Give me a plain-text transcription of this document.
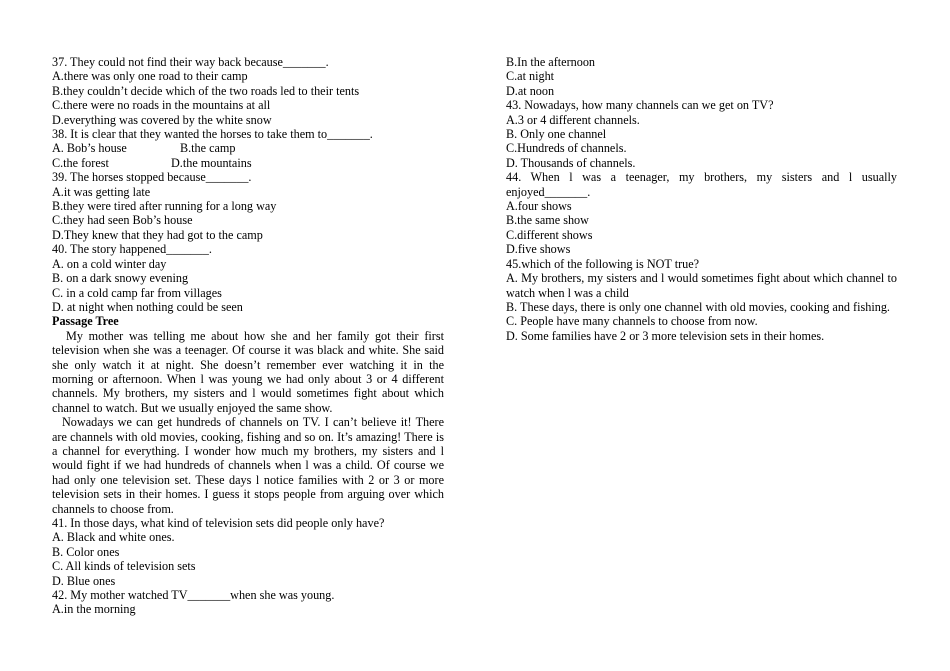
37. They could not find their way back because_______.

A.there was only one road to their camp

B.they couldn’t decide which of the two roads led to their tents

C.there were no roads in the mountains at all

D.everything was covered by the white snow

38. It is clear that they wanted the horses to take them to_______.

A. Bob’s house	B.the camp

C.the forest	D.the mountains

39. The horses stopped because_______.

A.it was getting late

B.they were tired after running for a long way

C.they had seen Bob’s house

D.They knew that they had got to the camp

40. The story happened_______.

A. on a cold winter day

B. on a dark snowy evening

C. in a cold camp far from villages

D. at night when nothing could be seen

Passage Tree

My mother was telling me about how she and her family got their first television when she was a teenager. Of course it was black and white. She said she only watch it at night. She doesn’t remember ever watching it in the morning or afternoon. When l was young we had only about 3 or 4 different channels. My brothers, my sisters and l would sometimes fight about which channel to watch. But we usually enjoyed the same show.

Nowadays we can get hundreds of channels on TV. I can’t believe it! There are channels with old movies, cooking, fishing and so on. It’s amazing! There is a channel for everything. I wonder how much my brothers, my sisters and l would fight if we had hundreds of channels when l was a child. Of course we had only one television set. These days l notice families with 2 or 3 or more television sets in their homes. I guess it stops people from arguing over which channels to choose from.

41. In those days, what kind of television sets did people only have?

A. Black and white ones.

B. Color ones

C. All kinds of television sets

D. Blue ones

42. My mother watched TV_______when she was young.

A.in the morning

B.In the afternoon

C.at night

D.at noon

43. Nowadays, how many channels can we get on TV?

A.3 or 4 different channels.

B. Only one channel

C.Hundreds of channels.

D. Thousands of channels.

44. When l was a teenager, my brothers, my sisters and l usually enjoyed_______.

A.four shows

B.the same show

C.different shows

D.five shows

45.which of the following is NOT true?

A. My brothers, my sisters and l would sometimes fight about which channel to watch when l was a child

B. These days, there is only one channel with old movies, cooking and fishing.

C. People have many channels to choose from now.

D. Some families have 2 or 3 more television sets in their homes.
